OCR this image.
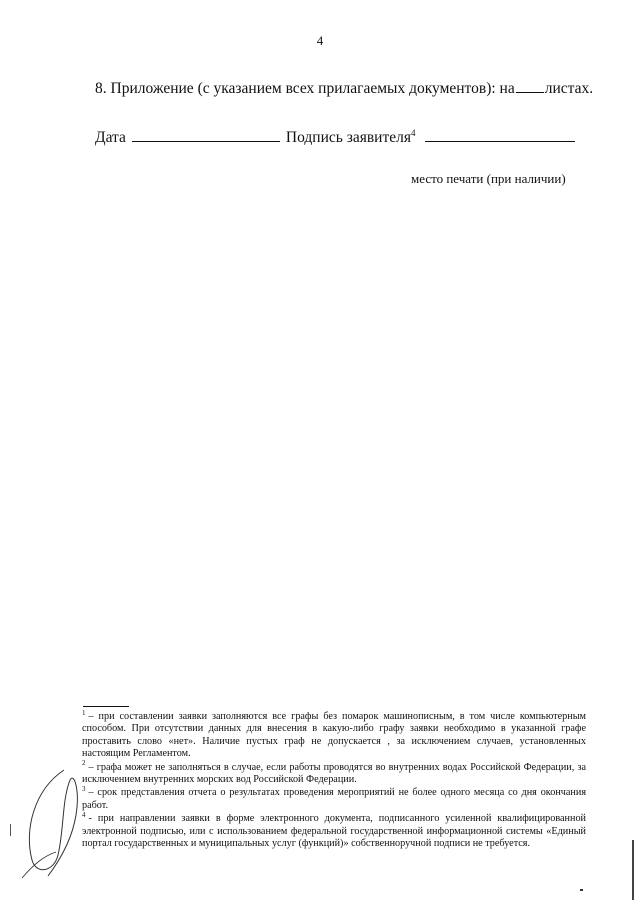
4
8. Приложение (с указанием всех прилагаемых документов): на листах.
Дата	Подпись заявителя$^4$
место печати (при наличии)

$^1$ – при составлении заявки заполняются все графы без помарок машинописным, в том числе компьютерным способом. При отсутствии данных для внесения в какую-либо графу заявки необходимо в указанной графе проставить слово «нет». Наличие пустых граф не допускается , за исключением случаев, установленных настоящим Регламентом.

$^2$ – графа может не заполняться в случае, если работы проводятся во внутренних водах Российской Федерации, за исключением внутренних морских вод Российской Федерации.

$^3$ – срок представления отчета о результатах проведения мероприятий не более одного месяца со дня окончания работ.

$^4$ - при направлении заявки в форме электронного документа, подписанного усиленной квалифицированной электронной подписью, или с использованием федеральной государственной информационной системы «Единый портал государственных и муниципальных услуг (функций)» собственноручной подписи не требуется.
